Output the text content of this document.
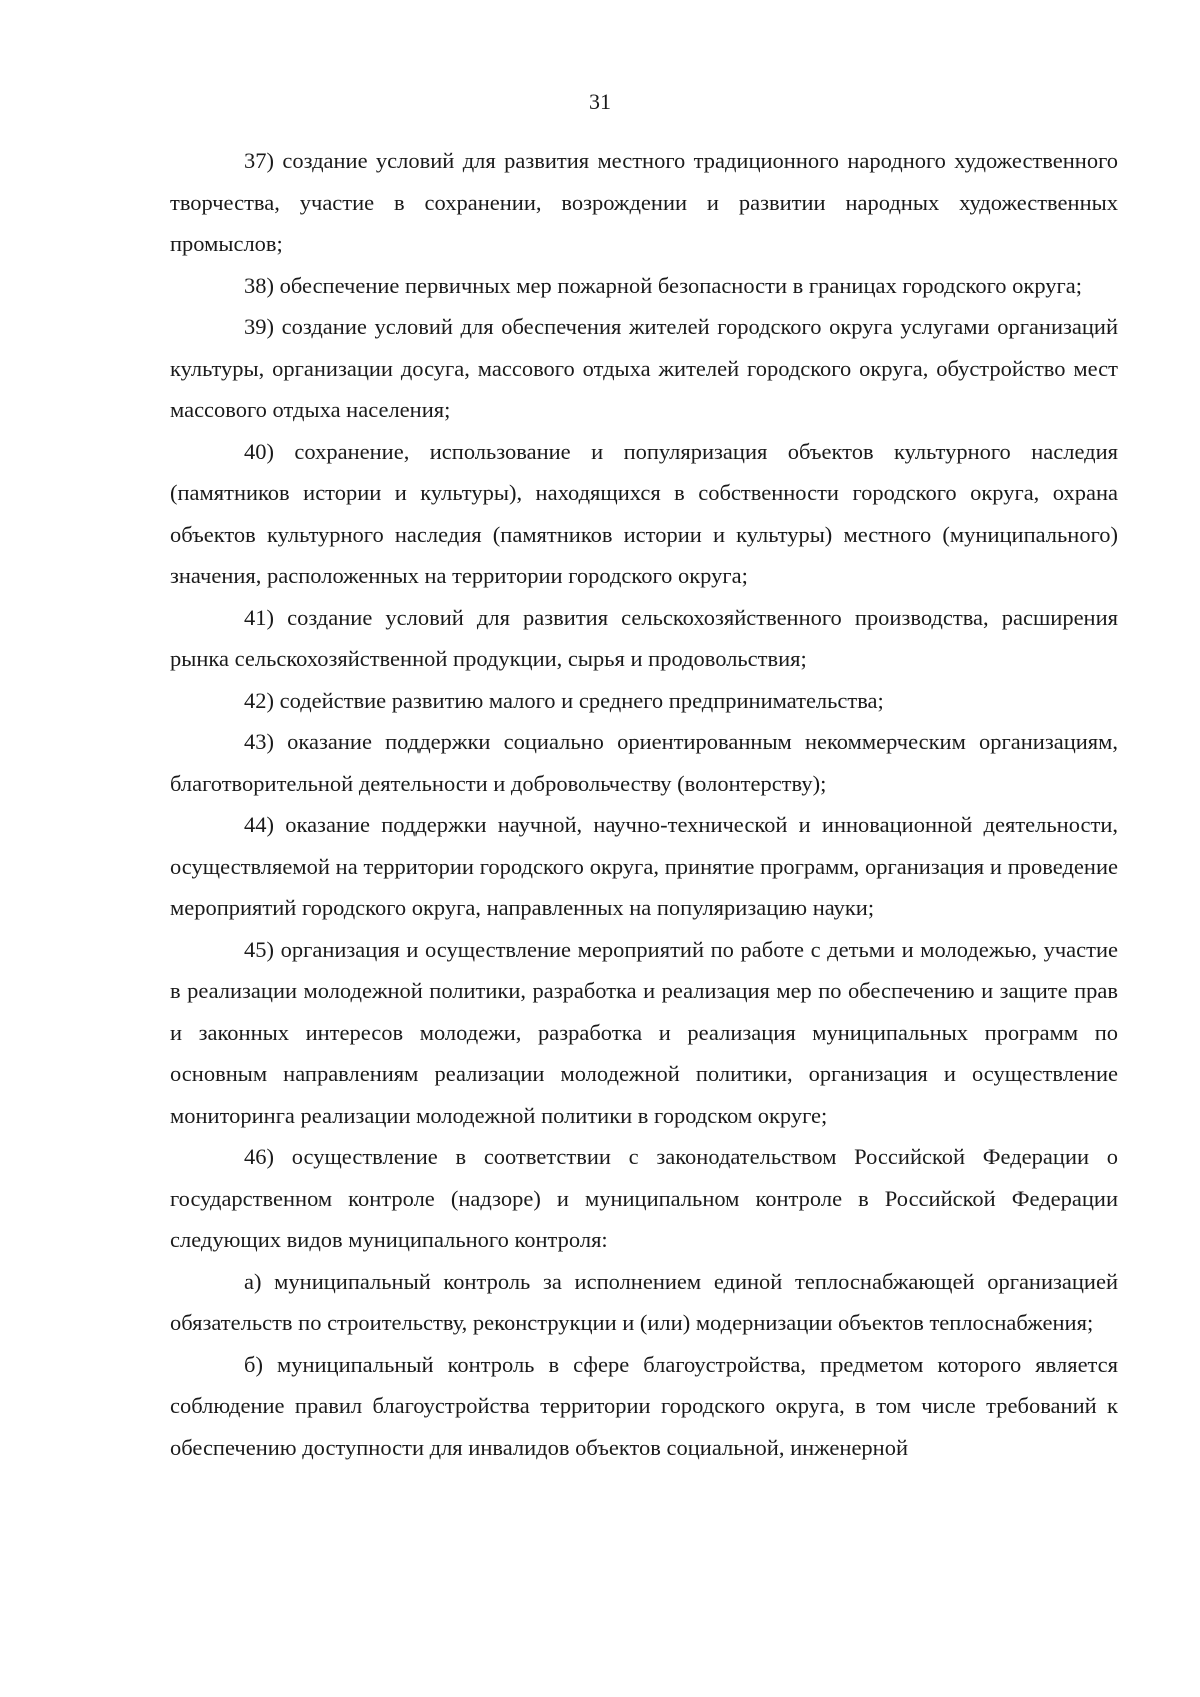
31

37) создание условий для развития местного традиционного народного художественного творчества, участие в сохранении, возрождении и развитии народных художественных промыслов;

38) обеспечение первичных мер пожарной безопасности в границах городского округа;

39) создание условий для обеспечения жителей городского округа услугами организаций культуры, организации досуга, массового отдыха жителей городского округа, обустройство мест массового отдыха населения;

40) сохранение, использование и популяризация объектов культурного наследия (памятников истории и культуры), находящихся в собственности городского округа, охрана объектов культурного наследия (памятников истории и культуры) местного (муниципального) значения, расположенных на территории городского округа;

41) создание условий для развития сельскохозяйственного производства, расширения рынка сельскохозяйственной продукции, сырья и продовольствия;

42) содействие развитию малого и среднего предпринимательства;

43) оказание поддержки социально ориентированным некоммерческим организациям, благотворительной деятельности и добровольчеству (волонтерству);

44) оказание поддержки научной, научно-технической и инновационной деятельности, осуществляемой на территории городского округа, принятие программ, организация и проведение мероприятий городского округа, направленных на популяризацию науки;

45) организация и осуществление мероприятий по работе с детьми и молодежью, участие в реализации молодежной политики, разработка и реализация мер по обеспечению и защите прав и законных интересов молодежи, разработка и реализация муниципальных программ по основным направлениям реализации молодежной политики, организация и осуществление мониторинга реализации молодежной политики в городском округе;

46) осуществление в соответствии с законодательством Российской Федерации о государственном контроле (надзоре) и муниципальном контроле в Российской Федерации следующих видов муниципального контроля:

а) муниципальный контроль за исполнением единой теплоснабжающей организацией обязательств по строительству, реконструкции и (или) модернизации объектов теплоснабжения;

б) муниципальный контроль в сфере благоустройства, предметом которого является соблюдение правил благоустройства территории городского округа, в том числе требований к обеспечению доступности для инвалидов объектов социальной, инженерной
